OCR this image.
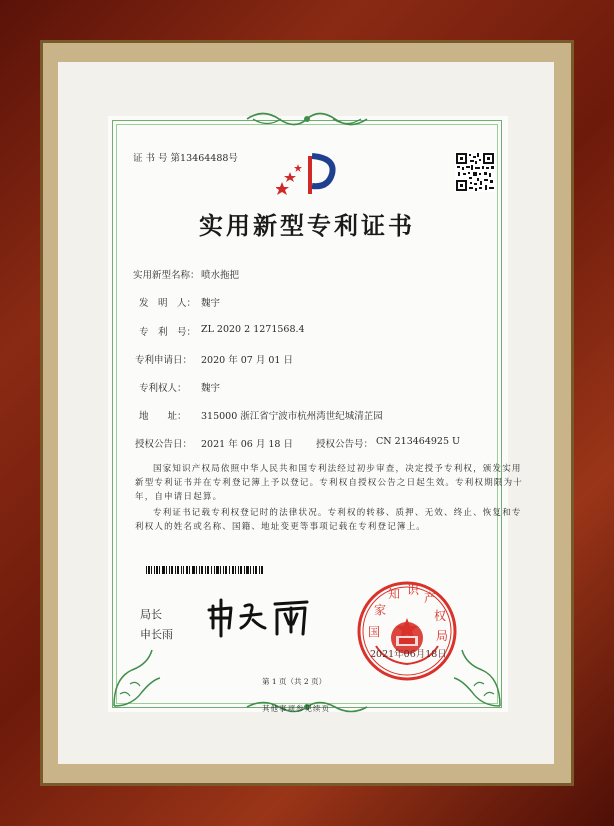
证 书 号 第13464488号
实用新型专利证书
实用新型名称： 喷水拖把
发　明　人： 魏宇
专　利　号： ZL 2020 2 1271568.4
专利申请日： 2020 年 07 月 01 日
专利权人： 魏宇
地　　址： 315000 浙江省宁波市杭州湾世纪城清芷园
授权公告日： 2021 年 06 月 18 日 授权公告号： CN 213464925 U
国家知识产权局依照中华人民共和国专利法经过初步审查，决定授予专利权，颁发实用
新型专利证书并在专利登记簿上予以登记。专利权自授权公告之日起生效。专利权期限为十
年，自申请日起算。
专利证书记载专利权登记时的法律状况。专利权的转移、质押、无效、终止、恢复和专
利权人的姓名或名称、国籍、地址变更等事项记载在专利登记簿上。
局长
申长雨	国
家
知 识
产
权
局
2021年06月18日
第 1 页（共 2 页）
其他事项参见续页
